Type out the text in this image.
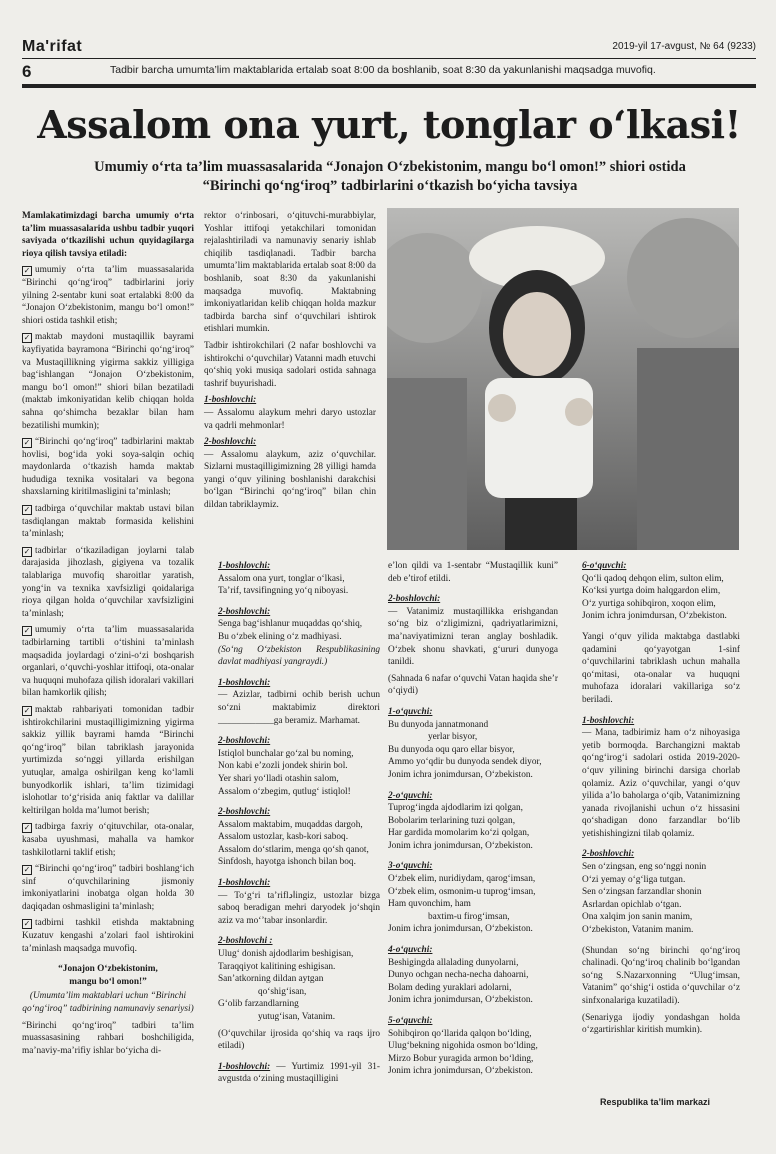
Ma'rifat	2019-yil 17-avgust, № 64 (9233)
6	Tadbir barcha umumta’lim maktablarida ertalab soat 8:00 da boshlanib, soat 8:30 da yakunlanishi maqsadga muvofiq.
Assalom ona yurt, tonglar o‘lkasi!
Umumiy o‘rta ta’lim muassasalarida “Jonajon O‘zbekistonim, mangu bo‘l omon!” shiori ostida
“Birinchi qo‘ng‘iroq” tadbirlarini o‘tkazish bo‘yicha tavsiya

Mamlakatimizdagi barcha umumiy o‘rta ta’lim muassasalarida ushbu tadbir yuqori saviyada o‘tkazilishi uchun quyidagilarga rioya qilish tavsiya etiladi:

✓ umumiy o‘rta ta’lim muassasalarida “Birinchi qo‘ng‘iroq” tadbirlarini joriy yilning 2-sentabr kuni soat ertalabki 8:00 da “Jonajon O‘zbekistonim, mangu bo‘l omon!” shiori ostida tashkil etish;

✓ maktab maydoni mustaqillik bayrami kayfiyatida bayramona “Birinchi qo‘ng‘iroq” va Mustaqillikning yigirma sakkiz yilligiga bag‘ishlangan “Jonajon O‘zbekistonim, mangu bo‘l omon!” shiori bilan bezatiladi (maktab imkoniyatidan kelib chiqqan holda sahna qo‘shimcha bezaklar bilan ham bezatilishi mumkin);

✓ “Birinchi qo‘ng‘iroq” tadbirlarini maktab hovlisi, bog‘ida yoki soya-salqin ochiq maydonlarda o‘tkazish hamda maktab hududiga texnika vositalari va begona shaxslarning kiritilmasligini ta’minlash;

✓ tadbirga o‘quvchilar maktab ustavi bilan tasdiqlangan maktab formasida kelishini ta’minlash;

✓ tadbirlar o‘tkaziladigan joylarni talab darajasida jihozlash, gigiyena va tozalik talablariga muvofiq sharoitlar yaratish, yong‘in va texnika xavfsizligi qoidalariga rioya qilgan holda o‘quvchilar xavfsizligini ta’minlash;

✓ umumiy o‘rta ta’lim muassasalarida tadbirlarning tartibli o‘tishini ta’minlash maqsadida joylardagi o‘zini-o‘zi boshqarish organlari, o‘quvchi-yoshlar ittifoqi, ota-onalar va huquqni muhofaza qilish idoralari vakillari bilan hamkorlik qilish;

✓ maktab rahbariyati tomonidan tadbir ishtirokchilarini mustaqilligimizning yigirma sakkiz yillik bayrami hamda “Birinchi qo‘ng‘iroq” bilan tabriklash jarayonida yurtimizda so‘nggi yillarda erishilgan yutuqlar, amalga oshirilgan keng ko‘lamli bunyodkorlik ishlari, ta’lim tizimidagi islohotlar to‘g‘risida aniq faktlar va dalillar keltirilgan holda ma’lumot berish;

✓ tadbirga faxriy o‘qituvchilar, ota-onalar, kasaba uyushmasi, mahalla va hamkor tashkilotlarni taklif etish;

✓ “Birinchi qo‘ng‘iroq” tadbiri boshlang‘ich sinf o‘quvchilarining jismoniy imkoniyatlarini inobatga olgan holda 30 daqiqadan oshmasligini ta’minlash;

✓ tadbirni tashkil etishda maktabning Kuzatuv kengashi a’zolari faol ishtirokini ta’minlash maqsadga muvofiq.

“Jonajon O‘zbekistonim,

mangu bo‘l omon!”

(Umumta’lim maktablari uchun “Birinchi qo‘ng‘iroq” tadbirining namunaviy senariysi)

“Birinchi qo‘ng‘iroq” tadbiri ta’lim muassasasining rahbari boshchiligida, ma’naviy-ma’rifiy ishlar bo‘yicha di-

rektor o‘rinbosari, o‘qituvchi-murabbiylar, Yoshlar ittifoqi yetakchilari tomonidan rejalashtiriladi va namunaviy senariy ishlab chiqilib tasdiqlanadi. Tadbir barcha umumta’lim maktablarida ertalab soat 8:00 da boshlanib, soat 8:30 da yakunlanishi maqsadga muvofiq. Maktabning imkoniyatlaridan kelib chiqqan holda mazkur tadbirda barcha sinf o‘quvchilari ishtirok etishlari mumkin.

Tadbir ishtirokchilari (2 nafar boshlovchi va ishtirokchi o‘quvchilar) Vatanni madh etuvchi qo‘shiq yoki musiqa sadolari ostida sahnaga tashrif buyurishadi.

1-boshlovchi:

— Assalomu alaykum mehri daryo ustozlar va qadrli mehmonlar!

2-boshlovchi:

— Assalomu alaykum, aziz o‘quvchilar. Sizlarni mustaqilligimizning 28 yilligi hamda yangi o‘quv yilining boshlanishi darakchisi bo‘lgan “Birinchi qo‘ng‘iroq” bilan chin dildan tabriklaymiz.

1-boshlovchi:

Assalom ona yurt, tonglar o‘lkasi,
Ta’rif, tavsifingning yo‘q niboyasi.

2-boshlovchi:

Senga bag‘ishlanur muqaddas qo‘shiq,
Bu o‘zbek elining o‘z madhiyasi.

(So‘ng O‘zbekiston Respublikasining davlat madhiyasi yangraydi.)

1-boshlovchi:

— Azizlar, tadbirni ochib berish uchun so‘zni maktabimiz direktori ____________ga beramiz. Marhamat.

2-boshlovchi:

Istiqlol bunchalar go‘zal bu noming,
Non kabi e’zozli jondek shirin bol.
Yer shari yo‘lladi otashin salom,
Assalom o‘zbegim, qutlug‘ istiqlol!

2-boshlovchi:

Assalom maktabim, muqaddas dargoh,
Assalom ustozlar, kasb-kori saboq.
Assalom do‘stlarim, menga qo‘sh qanot,
Sinfdosh, hayotga ishonch bilan boq.

1-boshlovchi:

— To‘g‘ri ta’riflادingiz, ustozlar bizga saboq beradigan mehri daryodek jo‘shqin aziz va mo‘’tabar insonlardir.

2-boshlovchi :

Ulug‘ donish ajdodlarim beshigisan,
Taraqqiyot kalitining eshigisan.
San’atkorning dildan aytgan
qo‘shig‘isan,
G‘olib farzandlarning
yutug‘isan, Vatanim.

(O‘quvchilar ijrosida qo‘shiq va raqs ijro etiladi)

1-boshlovchi: — Yurtimiz 1991-yil 31-avgustda o‘zining mustaqilligini

e’lon qildi va 1-sentabr “Mustaqillik kuni” deb e’tirof etildi.

2-boshlovchi:

— Vatanimiz mustaqillikka erishgandan so‘ng biz o‘zligimizni, qadriyatlarimizni, ma’naviyatimizni teran anglay boshladik. O‘zbek shonu shavkati, g‘ururi dunyoga tanildi.

(Sahnada 6 nafar o‘quvchi Vatan haqida she’r o‘qiydi)

1-o‘quvchi:

Bu dunyoda jannatmonand
yerlar bisyor,
Bu dunyoda oqu qaro ellar bisyor,
Ammo yo‘qdir bu dunyoda sendek diyor,
Jonim ichra jonimdursan, O‘zbekiston.

2-o‘quvchi:

Tuprog‘ingda ajdodlarim izi qolgan,
Bobolarim terlarining tuzi qolgan,
Har gardida momolarim ko‘zi qolgan,
Jonim ichra jonimdursan, O‘zbekiston.

3-o‘quvchi:

O‘zbek elim, nuridiydam, qarog‘imsan,
O‘zbek elim, osmonim-u tuprog‘imsan,
Ham quvonchim, ham
baxtim-u firog‘imsan,
Jonim ichra jonimdursan, O‘zbekiston.

4-o‘quvchi:

Beshigingda allalading dunyolarni,
Dunyo ochgan necha-necha dahoarni,
Bolam deding yuraklari adolarni,
Jonim ichra jonimdursan, O‘zbekiston.

5-o‘quvchi:

Sohibqiron qo‘llarida qalqon bo‘lding,
Ulug‘bekning nigohida osmon bo‘lding,
Mirzo Bobur yuragida armon bo‘lding,
Jonim ichra jonimdursan, O‘zbekiston.

6-o‘quvchi:

Qo‘li qadoq dehqon elim, sulton elim,
Ko‘ksi yurtga doim halqgardon elim,
O‘z yurtiga sohibqiron, xoqon elim,
Jonim ichra jonimdursan, O‘zbekiston.

Yangi o‘quv yilida maktabga dastlabki qadamini qo‘yayotgan 1-sinf o‘quvchilarini tabriklash uchun mahalla qo‘mitasi, ota-onalar va huquqni muhofaza idoralari vakillariga so‘z beriladi.

1-boshlovchi:

— Mana, tadbirimiz ham o‘z nihoyasiga yetib bormoqda. Barchangizni maktab qo‘ng‘irog‘i sadolari ostida 2019-2020-o‘quv yilining birinchi darsiga chorlab qolamiz. Aziz o‘quvchilar, yangi o‘quv yilida a’lo baholarga o‘qib, Vatanimizning yanada rivojlanishi uchun o‘z hissasini qo‘shadigan dono farzandlar bo‘lib yetishishingizni tilab qolamiz.

2-boshlovchi:

Sen o‘zingsan, eng so‘nggi nonin
O‘zi yemay o‘g‘liga tutgan.
Sen o‘zingsan farzandlar shonin
Asrlardan opichlab o‘tgan.
Ona xalqim jon sanin manim,
O‘zbekiston, Vatanim manim.

(Shundan so‘ng birinchi qo‘ng‘iroq chalinadi. Qo‘ng‘iroq chalinib bo‘lgandan so‘ng S.Nazarxonning “Ulug‘imsan, Vatanim” qo‘shig‘i ostida o‘quvchilar o‘z sinfxonalariga kuzatiladi).

(Senariyga ijodiy yondashgan holda o‘zgartirishlar kiritish mumkin).

Respublika ta’lim markazi
